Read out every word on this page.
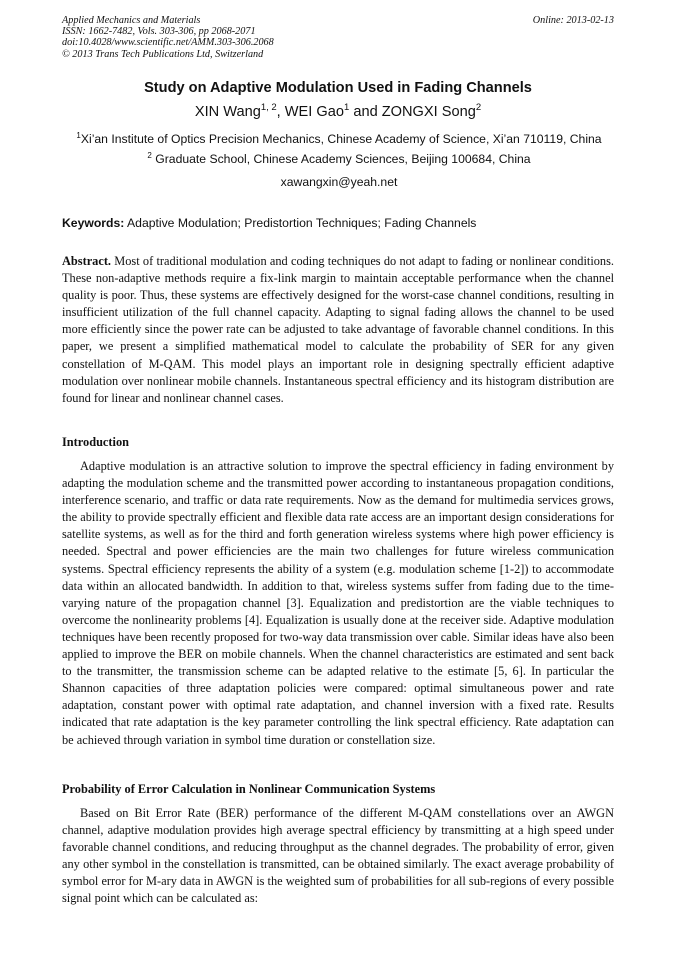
Applied Mechanics and Materials
ISSN: 1662-7482, Vols. 303-306, pp 2068-2071
doi:10.4028/www.scientific.net/AMM.303-306.2068
© 2013 Trans Tech Publications Ltd, Switzerland
Online: 2013-02-13
Study on Adaptive Modulation Used in Fading Channels
XIN Wang$^{1, 2}$, WEI Gao$^1$ and ZONGXI Song$^2$
$^1$Xi’an Institute of Optics Precision Mechanics, Chinese Academy of Science, Xi’an 710119, China
$^2$ Graduate School, Chinese Academy Sciences, Beijing 100684, China
xawangxin@yeah.net
Keywords: Adaptive Modulation; Predistortion Techniques; Fading Channels
Abstract. Most of traditional modulation and coding techniques do not adapt to fading or nonlinear conditions. These non-adaptive methods require a fix-link margin to maintain acceptable performance when the channel quality is poor. Thus, these systems are effectively designed for the worst-case channel conditions, resulting in insufficient utilization of the full channel capacity. Adapting to signal fading allows the channel to be used more efficiently since the power rate can be adjusted to take advantage of favorable channel conditions. In this paper, we present a simplified mathematical model to calculate the probability of SER for any given constellation of M-QAM. This model plays an important role in designing spectrally efficient adaptive modulation over nonlinear mobile channels. Instantaneous spectral efficiency and its histogram distribution are found for linear and nonlinear channel cases.
Introduction
Adaptive modulation is an attractive solution to improve the spectral efficiency in fading environment by adapting the modulation scheme and the transmitted power according to instantaneous propagation conditions, interference scenario, and traffic or data rate requirements. Now as the demand for multimedia services grows, the ability to provide spectrally efficient and flexible data rate access are an important design considerations for satellite systems, as well as for the third and forth generation wireless systems where high power efficiency is needed. Spectral and power efficiencies are the main two challenges for future wireless communication systems. Spectral efficiency represents the ability of a system (e.g. modulation scheme [1-2]) to accommodate data within an allocated bandwidth. In addition to that, wireless systems suffer from fading due to the time-varying nature of the propagation channel [3]. Equalization and predistortion are the viable techniques to overcome the nonlinearity problems [4]. Equalization is usually done at the receiver side. Adaptive modulation techniques have been recently proposed for two-way data transmission over cable. Similar ideas have also been applied to improve the BER on mobile channels. When the channel characteristics are estimated and sent back to the transmitter, the transmission scheme can be adapted relative to the estimate [5, 6]. In particular the Shannon capacities of three adaptation policies were compared: optimal simultaneous power and rate adaptation, constant power with optimal rate adaptation, and channel inversion with a fixed rate. Results indicated that rate adaptation is the key parameter controlling the link spectral efficiency. Rate adaptation can be achieved through variation in symbol time duration or constellation size.
Probability of Error Calculation in Nonlinear Communication Systems
Based on Bit Error Rate (BER) performance of the different M-QAM constellations over an AWGN channel, adaptive modulation provides high average spectral efficiency by transmitting at a high speed under favorable channel conditions, and reducing throughput as the channel degrades. The probability of error, given any other symbol in the constellation is transmitted, can be obtained similarly. The exact average probability of symbol error for M-ary data in AWGN is the weighted sum of probabilities for all sub-regions of every possible signal point which can be calculated as:
